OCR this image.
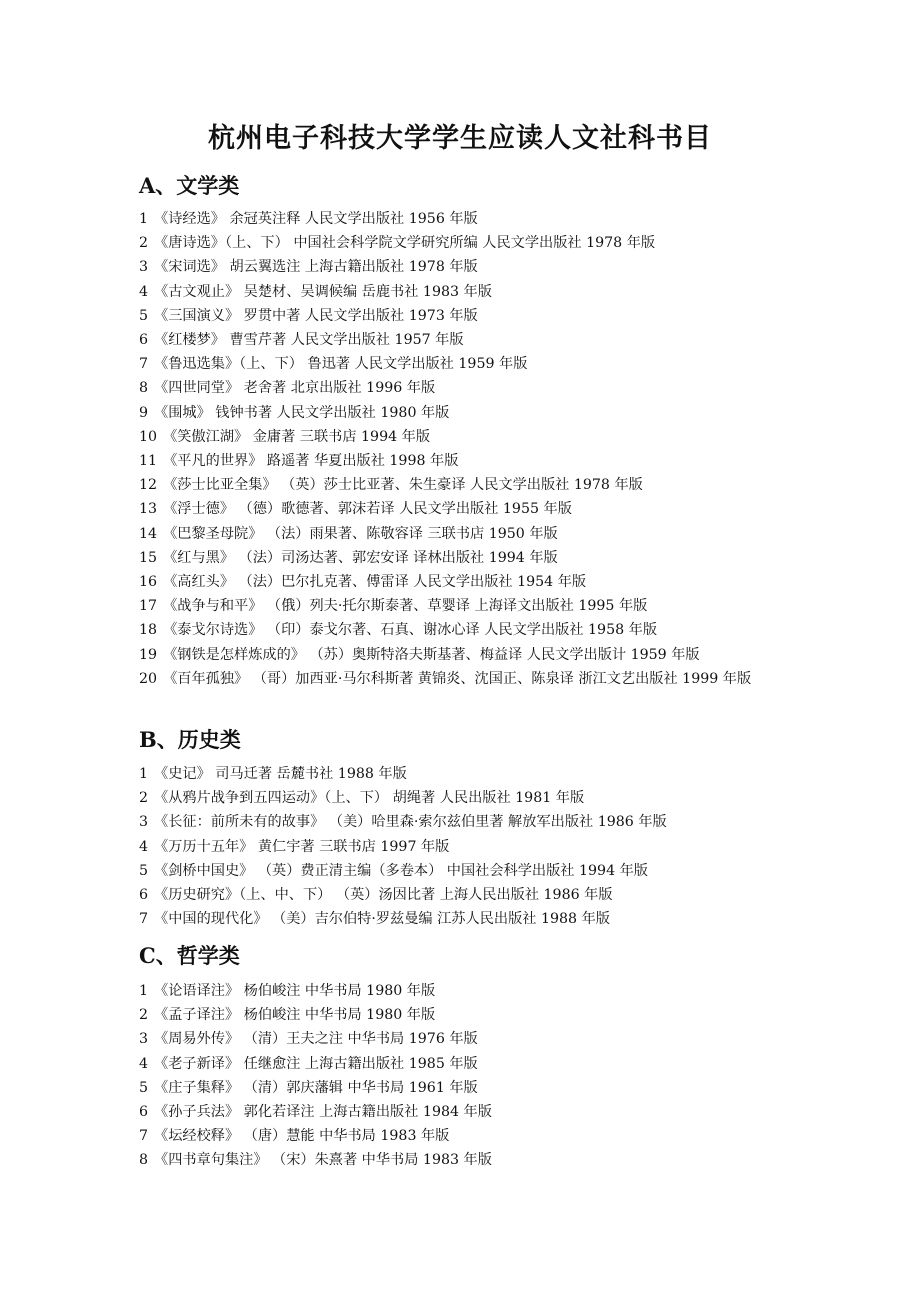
杭州电子科技大学学生应读人文社科书目
A、文学类
1 《诗经选》 余冠英注释 人民文学出版社 1956 年版
2 《唐诗选》（上、下） 中国社会科学院文学研究所编 人民文学出版社 1978 年版
3 《宋词选》 胡云翼选注 上海古籍出版社 1978 年版
4 《古文观止》 吴楚材、吴调候编 岳鹿书社 1983 年版
5 《三国演义》 罗贯中著 人民文学出版社 1973 年版
6 《红楼梦》 曹雪芹著 人民文学出版社 1957 年版
7 《鲁迅选集》（上、下） 鲁迅著 人民文学出版社 1959 年版
8 《四世同堂》 老舍著 北京出版社 1996 年版
9 《围城》 钱钟书著 人民文学出版社 1980 年版
10 《笑傲江湖》 金庸著 三联书店 1994 年版
11 《平凡的世界》 路遥著 华夏出版社 1998 年版
12 《莎士比亚全集》 （英）莎士比亚著、朱生豪译 人民文学出版社 1978 年版
13 《浮士德》 （德）歌德著、郭沫若译 人民文学出版社 1955 年版
14 《巴黎圣母院》 （法）雨果著、陈敬容译 三联书店 1950 年版
15 《红与黑》 （法）司汤达著、郭宏安译 译林出版社 1994 年版
16 《高红头》 （法）巴尔扎克著、傅雷译 人民文学出版社 1954 年版
17 《战争与和平》 （俄）列夫·托尔斯泰著、草婴译 上海译文出版社 1995 年版
18 《泰戈尔诗选》 （印）泰戈尔著、石真、谢冰心译 人民文学出版社 1958 年版
19 《钢铁是怎样炼成的》 （苏）奥斯特洛夫斯基著、梅益译 人民文学出版计 1959 年版
20 《百年孤独》 （哥）加西亚·马尔科斯著 黄锦炎、沈国正、陈泉译 浙江文艺出版社 1999 年版
B、历史类
1 《史记》 司马迁著 岳麓书社 1988 年版
2 《从鸦片战争到五四运动》（上、下） 胡绳著 人民出版社 1981 年版
3 《长征：前所未有的故事》 （美）哈里森·索尔兹伯里著 解放军出版社 1986 年版
4 《万历十五年》 黄仁宇著 三联书店 1997 年版
5 《剑桥中国史》 （英）费正清主编（多卷本） 中国社会科学出版社 1994 年版
6 《历史研究》（上、中、下） （英）汤因比著 上海人民出版社 1986 年版
7 《中国的现代化》 （美）吉尔伯特·罗兹曼编 江苏人民出版社 1988 年版
C、哲学类
1 《论语译注》 杨伯峻注 中华书局 1980 年版
2 《孟子译注》 杨伯峻注 中华书局 1980 年版
3 《周易外传》 （清）王夫之注 中华书局 1976 年版
4 《老子新译》 任继愈注 上海古籍出版社 1985 年版
5 《庄子集释》 （清）郭庆藩辑 中华书局 1961 年版
6 《孙子兵法》 郭化若译注 上海古籍出版社 1984 年版
7 《坛经校释》 （唐）慧能 中华书局 1983 年版
8 《四书章句集注》 （宋）朱熹著 中华书局 1983 年版
